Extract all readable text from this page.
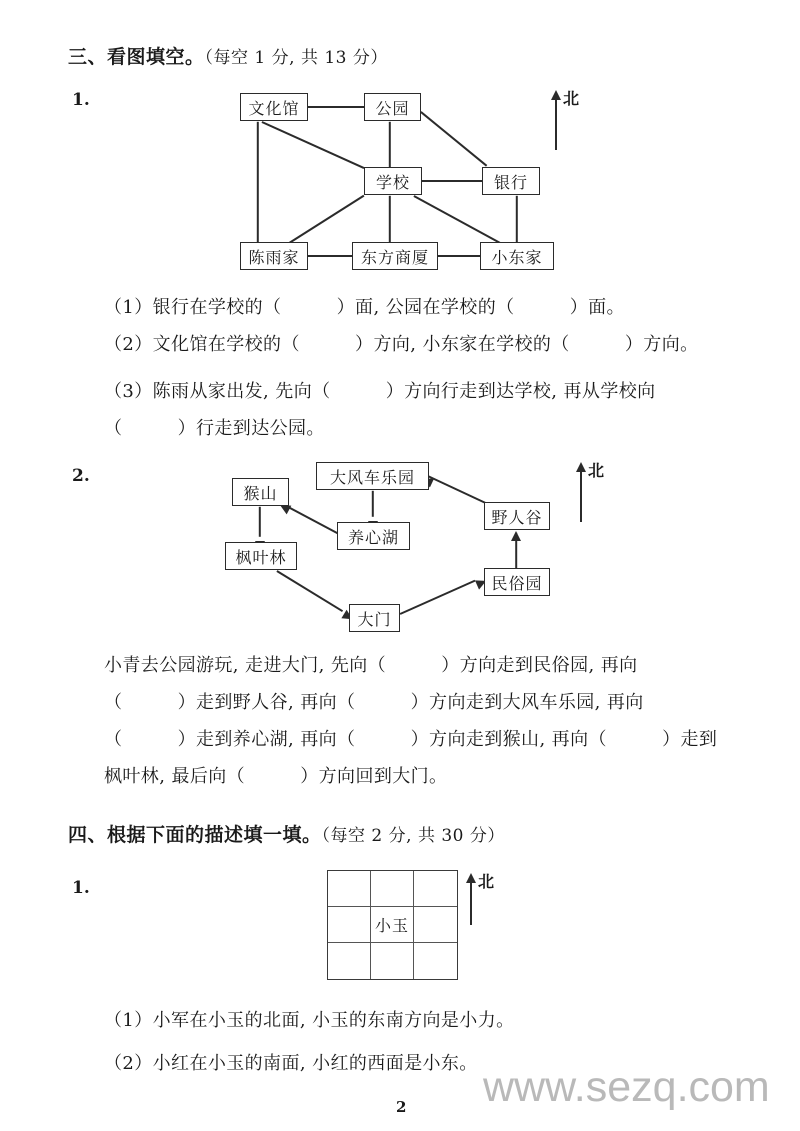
三、看图填空。（每空 1 分, 共 13 分）
1.	文化馆	公园
学校	银行
陈雨家	东方商厦	小东家
北
（1）银行在学校的（　　　）面, 公园在学校的（　　　）面。
（2）文化馆在学校的（　　　）方向, 小东家在学校的（　　　）方向。
（3）陈雨从家出发, 先向（　　　）方向行走到达学校, 再从学校向
（　　　）行走到达公园。
2.	大风车乐园
猴山
养心湖
枫叶林
野人谷
民俗园
大门
北
小青去公园游玩, 走进大门, 先向（　　　）方向走到民俗园, 再向
（　　　）走到野人谷, 再向（　　　）方向走到大风车乐园, 再向
（　　　）走到养心湖, 再向（　　　）方向走到猴山, 再向（　　　）走到
枫叶林, 最后向（　　　）方向回到大门。
四、根据下面的描述填一填。（每空 2 分, 共 30 分）
1.
小玉
北
（1）小军在小玉的北面, 小玉的东南方向是小力。
（2）小红在小玉的南面, 小红的西面是小东。 www.sezq.com
2
